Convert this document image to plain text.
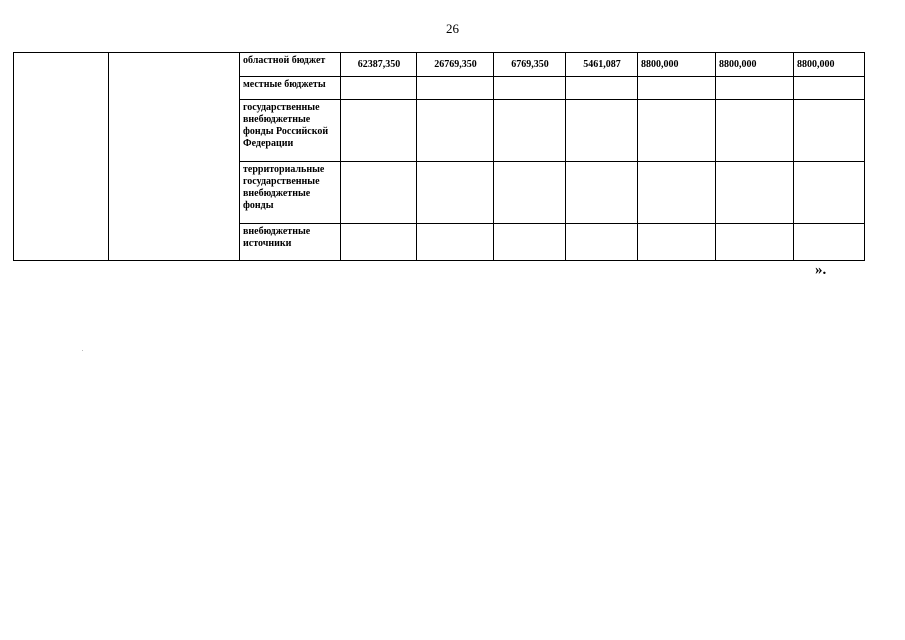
26
		областной бюджет	62387,350	26769,350	6769,350	5461,087	8800,000	8800,000	8800,000
		местные бюджеты							
		государственные внебюджетные фонды Российской Федерации							
		территориальные государственные внебюджетные фонды							
		внебюджетные источники							
».
